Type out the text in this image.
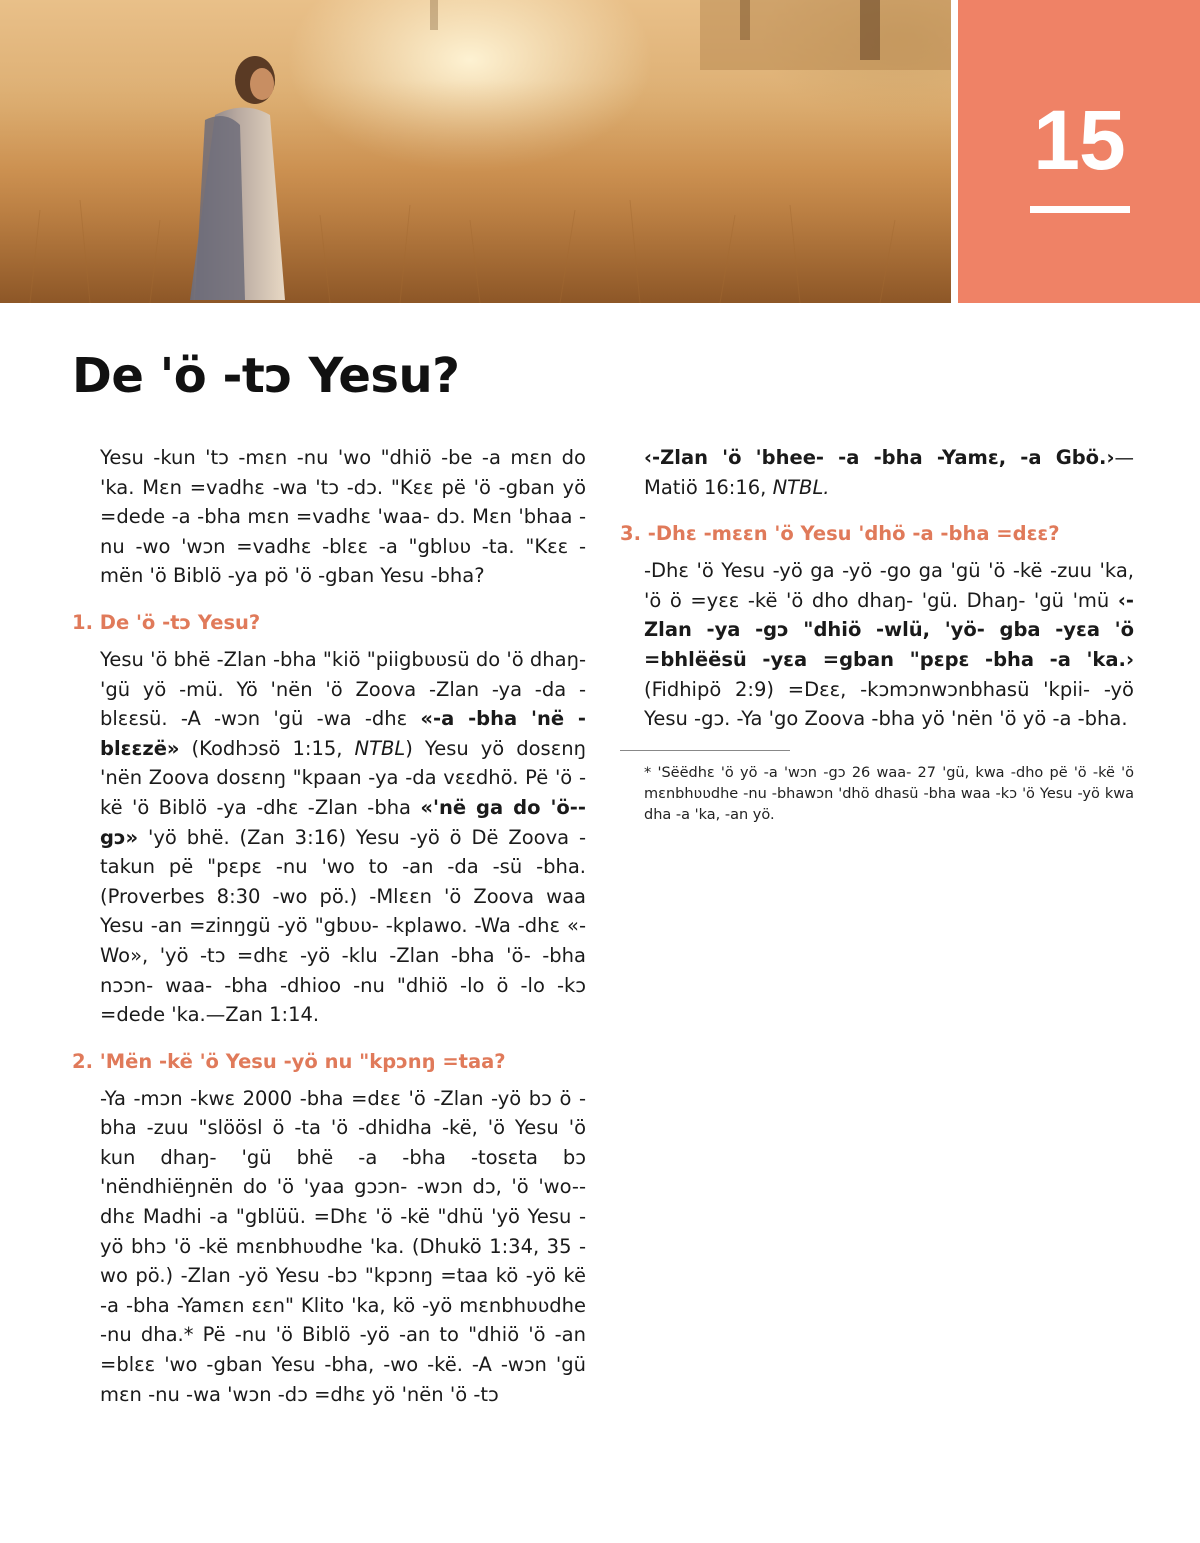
15
De 'ö -tɔ Yesu?

Yesu -kun 'tɔ -mɛn -nu 'wo "dhiö -be -a mɛn do 'ka. Mɛn =vadhɛ -wa 'tɔ -dɔ. "Kɛɛ pë 'ö -gban yö =dede -a -bha mɛn =vadhɛ 'waa- dɔ. Mɛn 'bhaa -nu -wo 'wɔn =vadhɛ -blɛɛ -a "gblʋʋ -ta. "Kɛɛ -mën 'ö Biblö -ya pö 'ö -gban Yesu -bha?

1. De 'ö -tɔ Yesu?

Yesu 'ö bhë -Zlan -bha "kiö "piigbʋʋsü do 'ö dhaŋ- 'gü yö -mü. Yö 'nën 'ö Zoova -Zlan -ya -da -blɛɛsü. -A -wɔn 'gü -wa -dhɛ «-a -bha 'në -blɛɛzë» (Kodhɔsö 1:15, NTBL) Yesu yö dosɛnŋ 'nën Zoova dosɛnŋ "kpaan -ya -da vɛɛdhö. Pë 'ö -kë 'ö Biblö -ya -dhɛ -Zlan -bha «'në ga do 'ö--gɔ» 'yö bhë. (Zan 3:16) Yesu -yö ö Dë Zoova -takun pë "pɛpɛ -nu 'wo to -an -da -sü -bha. (Proverbes 8:30 -wo pö.) -Mlɛɛn 'ö Zoova waa Yesu -an =zinŋgü -yö "gbʋʋ- -kplawo. -Wa -dhɛ «-Wo», 'yö -tɔ =dhɛ -yö -klu -Zlan -bha 'ö- -bha nɔɔn- waa- -bha -dhioo -nu "dhiö -lo ö -lo -kɔ =dede 'ka.—Zan 1:14.

2. 'Mën -kë 'ö Yesu -yö nu "kpɔnŋ =taa?

-Ya -mɔn -kwɛ 2000 -bha =dɛɛ 'ö -Zlan -yö bɔ ö -bha -zuu "slöösl ö -ta 'ö -dhidha -kë, 'ö Yesu 'ö kun dhaŋ- 'gü bhë -a -bha -tosɛta bɔ 'nëndhiëŋnën do 'ö 'yaa gɔɔn- -wɔn dɔ, 'ö 'wo--dhɛ Madhi -a "gblüü. =Dhɛ 'ö -kë "dhü 'yö Yesu -yö bhɔ 'ö -kë mɛnbhʋʋdhe 'ka. (Dhukö 1:34, 35 -wo pö.) -Zlan -yö Yesu -bɔ "kpɔnŋ =taa kö -yö kë -a -bha -Yamɛn ɛɛn" Klito 'ka, kö -yö mɛnbhʋʋdhe -nu dha.* Pë -nu 'ö Biblö -yö -an to "dhiö 'ö -an =blɛɛ 'wo -gban Yesu -bha, -wo -kë. -A -wɔn 'gü mɛn -nu -wa 'wɔn -dɔ =dhɛ yö 'nën 'ö -tɔ

‹-Zlan 'ö 'bhee- -a -bha -Yamɛ, -a Gbö.›—Matiö 16:16, NTBL.

3. -Dhɛ -mɛɛn 'ö Yesu 'dhö -a -bha =dɛɛ?

-Dhɛ 'ö Yesu -yö ga -yö -go ga 'gü 'ö -kë -zuu 'ka, 'ö ö =yɛɛ -kë 'ö dho dhaŋ- 'gü. Dhaŋ- 'gü 'mü ‹-Zlan -ya -gɔ "dhiö -wlü, 'yö- gba -yɛa 'ö =bhlëësü -yɛa =gban "pɛpɛ -bha -a 'ka.› (Fidhipö 2:9) =Dɛɛ, -kɔmɔnwɔnbhasü 'kpii- -yö Yesu -gɔ. -Ya 'go Zoova -bha yö 'nën 'ö yö -a -bha.

* 'Sëëdhɛ 'ö yö -a 'wɔn -gɔ 26 waa- 27 'gü, kwa -dho pë 'ö -kë 'ö mɛnbhʋʋdhe -nu -bhawɔn 'dhö dhasü -bha waa -kɔ 'ö Yesu -yö kwa dha -a 'ka, -an yö.
